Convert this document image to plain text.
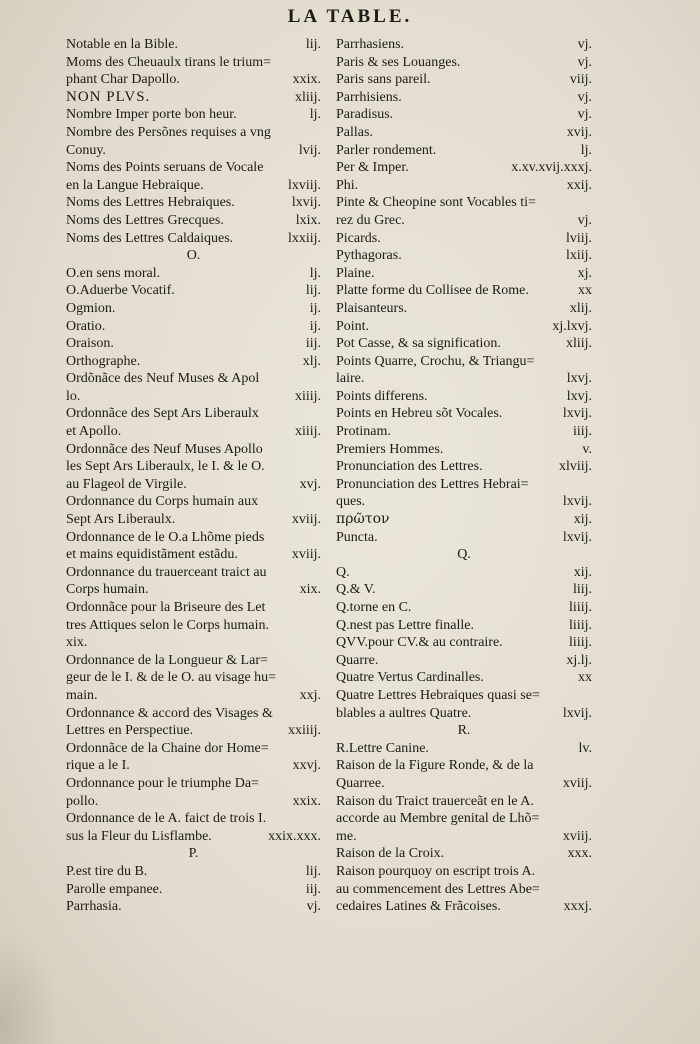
LA TABLE.
Notable en la Bible.	lij.
Moms des Cheuaulx tirans le trium=
phant Char Dapollo.	xxix.
NON PLVS.	xliij.
Nombre Imper porte bon heur.	lj.
Nombre des Persõnes requises a vng
Conuy.	lvij.
Noms des Points seruans de Vocale
en la Langue Hebraique.	lxviij.
Noms des Lettres Hebraiques.	lxvij.
Noms des Lettres Grecques.	lxix.
Noms des Lettres Caldaiques.	lxxiij.
O.
O.en sens moral.	lj.
O.Aduerbe Vocatif.	lij.
Ogmion.	ij.
Oratio.	ij.
Oraison.	iij.
Orthographe.	xlj.
Ordõnãce des Neuf Muses & Apol
lo.	xiiij.
Ordonnãce des Sept Ars Liberaulx
et Apollo.	xiiij.
Ordonnãce des Neuf Muses Apollo
les Sept Ars Liberaulx, le I. & le O.
au Flageol de Virgile.	xvj.
Ordonnance du Corps humain aux
Sept Ars Liberaulx.	xviij.
Ordonnance de le O.a Lhõme pieds
et mains equidistãment estãdu.	xviij.
Ordonnance du trauerceant traict au
Corps humain.	xix.
Ordonnãce pour la Briseure des Let
tres Attiques selon le Corps humain.
xix.
Ordonnance de la Longueur & Lar=
geur de le I. & de le O. au visage hu=
main.	xxj.
Ordonnance & accord des Visages &
Lettres en Perspectiue.	xxiiij.
Ordonnãce de la Chaine dor Home=
rique a le I.	xxvj.
Ordonnance pour le triumphe Da=
pollo.	xxix.
Ordonnance de le A. faict de trois I.
sus la Fleur du Lisflambe.	xxix.xxx.
P.
P.est tire du B.	lij.
Parolle empanee.	iij.
Parrhasia.	vj.
Parrhasiens.	vj.
Paris & ses Louanges.	vj.
Paris sans pareil.	viij.
Parrhisiens.	vj.
Paradisus.	vj.
Pallas.	xvij.
Parler rondement.	lj.
Per & Imper.	x.xv.xvij.xxxj.
Phi.	xxij.
Pinte & Cheopine sont Vocables ti=
rez du Grec.	vj.
Picards.	lviij.
Pythagoras.	lxiij.
Plaine.	xj.
Platte forme du Collisee de Rome.	xx
Plaisanteurs.	xlij.
Point.	xj.lxvj.
Pot Casse, & sa signification.	xliij.
Points Quarre, Crochu, & Triangu=
laire.	lxvj.
Points differens.	lxvj.
Points en Hebreu sõt Vocales.	lxvij.
Protinam.	iiij.
Premiers Hommes.	v.
Pronunciation des Lettres.	xlviij.
Pronunciation des Lettres Hebrai=
ques.	lxvij.
πρῶτον	xij.
Puncta.	lxvij.
Q.
Q.	xij.
Q.& V.	liij.
Q.torne en C.	liiij.
Q.nest pas Lettre finalle.	liiij.
QVV.pour CV.& au contraire.	liiij.
Quarre.	xj.lj.
Quatre Vertus Cardinalles.	xx
Quatre Lettres Hebraiques quasi se=
blables a aultres Quatre.	lxvij.
R.
R.Lettre Canine.	lv.
Raison de la Figure Ronde, & de la
Quarree.	xviij.
Raison du Traict trauerceãt en le A.
accorde au Membre genital de Lhõ=
me.	xviij.
Raison de la Croix.	xxx.
Raison pourquoy on escript trois A.
au commencement des Lettres Abe=
cedaires Latines & Frãcoises.	xxxj.
